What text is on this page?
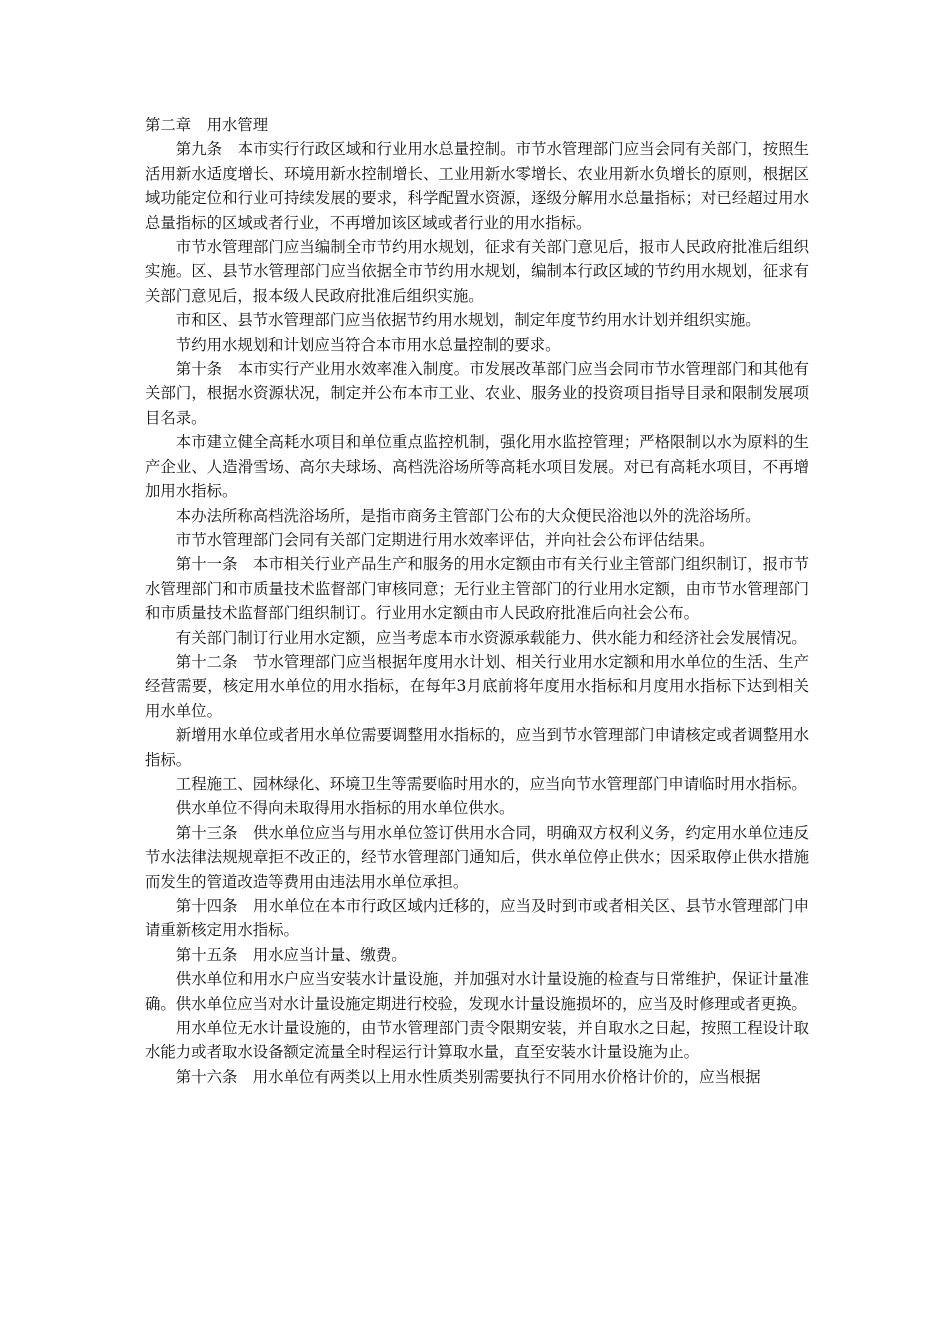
第二章　用水管理

第九条　本市实行行政区域和行业用水总量控制。市节水管理部门应当会同有关部门，按照生活用新水适度增长、环境用新水控制增长、工业用新水零增长、农业用新水负增长的原则，根据区域功能定位和行业可持续发展的要求，科学配置水资源，逐级分解用水总量指标；对已经超过用水总量指标的区域或者行业，不再增加该区域或者行业的用水指标。

市节水管理部门应当编制全市节约用水规划，征求有关部门意见后，报市人民政府批准后组织实施。区、县节水管理部门应当依据全市节约用水规划，编制本行政区域的节约用水规划，征求有关部门意见后，报本级人民政府批准后组织实施。

市和区、县节水管理部门应当依据节约用水规划，制定年度节约用水计划并组织实施。

节约用水规划和计划应当符合本市用水总量控制的要求。

第十条　本市实行产业用水效率准入制度。市发展改革部门应当会同市节水管理部门和其他有关部门，根据水资源状况，制定并公布本市工业、农业、服务业的投资项目指导目录和限制发展项目名录。

本市建立健全高耗水项目和单位重点监控机制，强化用水监控管理；严格限制以水为原料的生产企业、人造滑雪场、高尔夫球场、高档洗浴场所等高耗水项目发展。对已有高耗水项目，不再增加用水指标。

本办法所称高档洗浴场所，是指市商务主管部门公布的大众便民浴池以外的洗浴场所。

市节水管理部门会同有关部门定期进行用水效率评估，并向社会公布评估结果。

第十一条　本市相关行业产品生产和服务的用水定额由市有关行业主管部门组织制订，报市节水管理部门和市质量技术监督部门审核同意；无行业主管部门的行业用水定额，由市节水管理部门和市质量技术监督部门组织制订。行业用水定额由市人民政府批准后向社会公布。

有关部门制订行业用水定额，应当考虑本市水资源承载能力、供水能力和经济社会发展情况。

第十二条　节水管理部门应当根据年度用水计划、相关行业用水定额和用水单位的生活、生产经营需要，核定用水单位的用水指标，在每年3月底前将年度用水指标和月度用水指标下达到相关用水单位。

新增用水单位或者用水单位需要调整用水指标的，应当到节水管理部门申请核定或者调整用水指标。

工程施工、园林绿化、环境卫生等需要临时用水的，应当向节水管理部门申请临时用水指标。

供水单位不得向未取得用水指标的用水单位供水。

第十三条　供水单位应当与用水单位签订供用水合同，明确双方权利义务，约定用水单位违反节水法律法规规章拒不改正的，经节水管理部门通知后，供水单位停止供水；因采取停止供水措施而发生的管道改造等费用由违法用水单位承担。

第十四条　用水单位在本市行政区域内迁移的，应当及时到市或者相关区、县节水管理部门申请重新核定用水指标。

第十五条　用水应当计量、缴费。

供水单位和用水户应当安装水计量设施，并加强对水计量设施的检查与日常维护，保证计量准确。供水单位应当对水计量设施定期进行校验，发现水计量设施损坏的，应当及时修理或者更换。

用水单位无水计量设施的，由节水管理部门责令限期安装，并自取水之日起，按照工程设计取水能力或者取水设备额定流量全时程运行计算取水量，直至安装水计量设施为止。

第十六条　用水单位有两类以上用水性质类别需要执行不同用水价格计价的，应当根据
